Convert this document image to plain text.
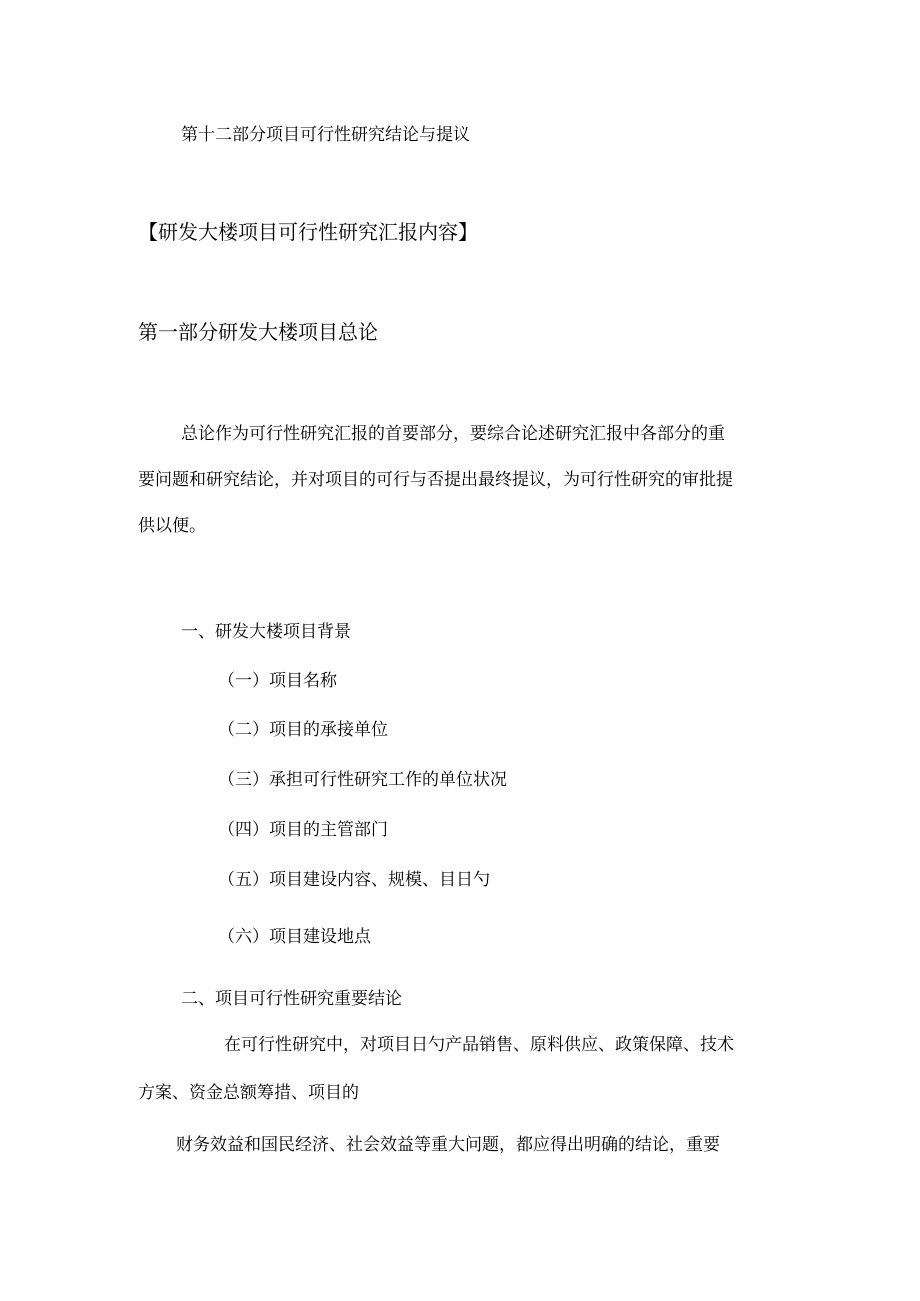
第十二部分项目可行性研究结论与提议
【研发大楼项目可行性研究汇报内容】
第一部分研发大楼项目总论
总论作为可行性研究汇报的首要部分，要综合论述研究汇报中各部分的重
要问题和研究结论，并对项目的可行与否提出最终提议，为可行性研究的审批提
供以便。
一、研发大楼项目背景
（一）项目名称
（二）项目的承接单位
（三）承担可行性研究工作的单位状况
（四）项目的主管部门
（五）项目建设内容、规模、目日勺
（六）项目建设地点
二、项目可行性研究重要结论
在可行性研究中，对项目日勺产品销售、原料供应、政策保障、技术
方案、资金总额筹措、项目的
财务效益和国民经济、社会效益等重大问题，都应得出明确的结论，重要
